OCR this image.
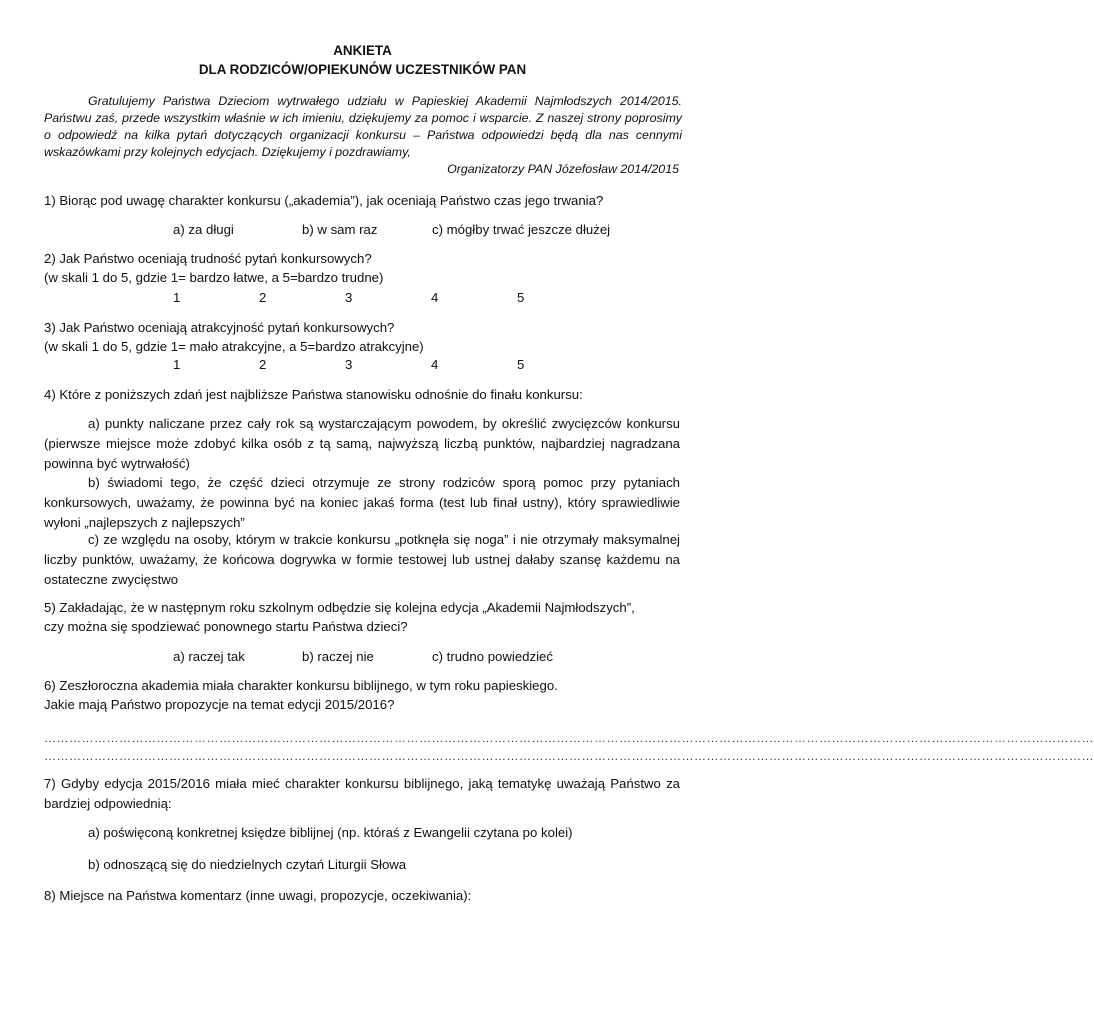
ANKIETA
DLA RODZICÓW/OPIEKUNÓW UCZESTNIKÓW PAN

Gratulujemy Państwa Dzieciom wytrwałego udziału w Papieskiej Akademii Najmłodszych 2014/2015. Państwu zaś, przede wszystkim właśnie w ich imieniu, dziękujemy za pomoc i wsparcie. Z naszej strony poprosimy o odpowiedź na kilka pytań dotyczących organizacji konkursu – Państwa odpowiedzi będą dla nas cennymi wskazówkami przy kolejnych edycjach. Dziękujemy i pozdrawiamy,

Organizatorzy PAN Józefosław 2014/2015
1) Biorąc pod uwagę charakter konkursu („akademia”), jak oceniają Państwo czas jego trwania?
a) za długi	b) w sam raz	c) mógłby trwać jeszcze dłużej
2) Jak Państwo oceniają trudność pytań konkursowych?
(w skali 1 do 5, gdzie 1= bardzo łatwe, a 5=bardzo trudne)
1	2	3	4	5
3) Jak Państwo oceniają atrakcyjność pytań konkursowych?
(w skali 1 do 5, gdzie 1= mało atrakcyjne, a 5=bardzo atrakcyjne)
1	2	3	4	5
4) Które z poniższych zdań jest najbliższe Państwa stanowisku odnośnie do finału konkursu:
a) punkty naliczane przez cały rok są wystarczającym powodem, by określić zwycięzców konkursu (pierwsze miejsce może zdobyć kilka osób z tą samą, najwyższą liczbą punktów, najbardziej nagradzana powinna być wytrwałość)
b) świadomi tego, że część dzieci otrzymuje ze strony rodziców sporą pomoc przy pytaniach konkursowych, uważamy, że powinna być na koniec jakaś forma (test lub finał ustny), który sprawiedliwie wyłoni „najlepszych z najlepszych”
c) ze względu na osoby, którym w trakcie konkursu „potknęła się noga” i nie otrzymały maksymalnej liczby punktów, uważamy, że końcowa dogrywka w formie testowej lub ustnej dałaby szansę każdemu na ostateczne zwycięstwo
5) Zakładając, że w następnym roku szkolnym odbędzie się kolejna edycja „Akademii Najmłodszych”,
czy można się spodziewać ponownego startu Państwa dzieci?
a) raczej tak	b) raczej nie	c) trudno powiedzieć
6) Zeszłoroczna akademia miała charakter konkursu biblijnego, w tym roku papieskiego.
Jakie mają Państwo propozycje na temat edycji 2015/2016?
………………………………………………………………………………………………………………………………………………………………………………………………………………………………
………………………………………………………………………………………………………………………………………………………………………………………………………………………………
7) Gdyby edycja 2015/2016 miała mieć charakter konkursu biblijnego, jaką tematykę uważają Państwo za bardziej odpowiednią:
a) poświęconą konkretnej księdze biblijnej (np. któraś z Ewangelii czytana po kolei)
b) odnoszącą się do niedzielnych czytań Liturgii Słowa
8) Miejsce na Państwa komentarz (inne uwagi, propozycje, oczekiwania):
